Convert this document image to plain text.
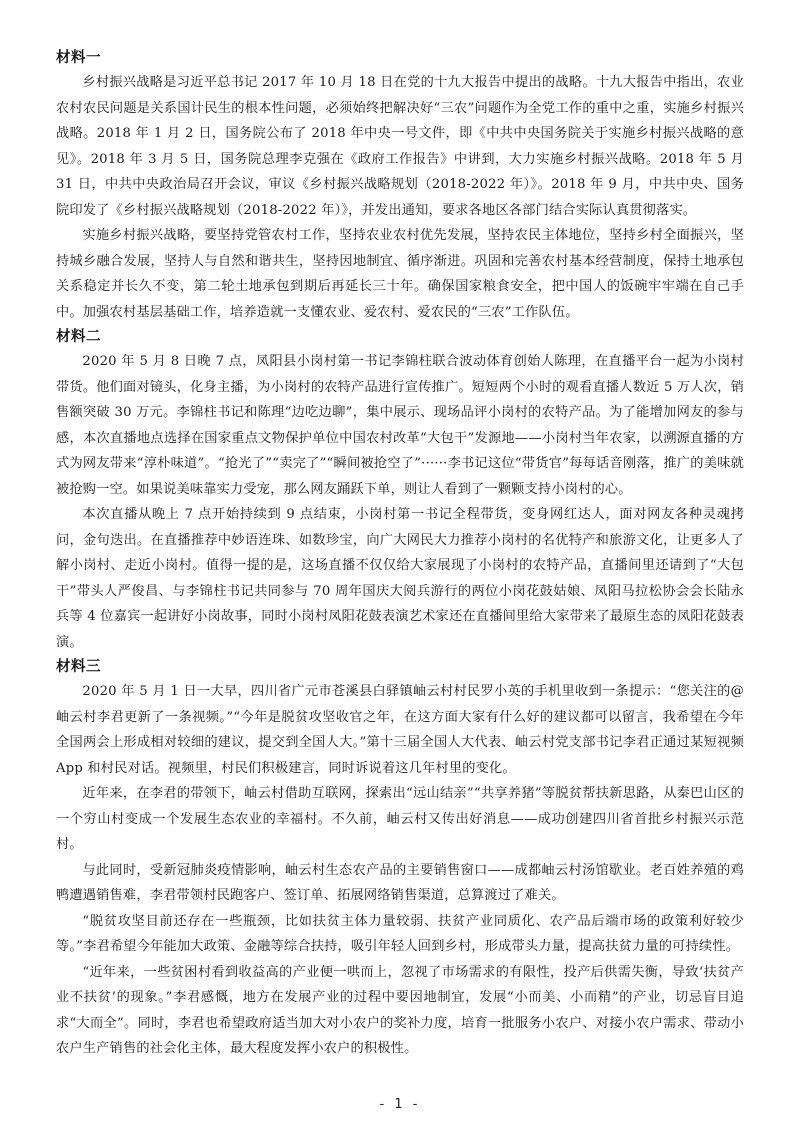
材料一

乡村振兴战略是习近平总书记 2017 年 10 月 18 日在党的十九大报告中提出的战略。十九大报告中指出，农业农村农民问题是关系国计民生的根本性问题，必须始终把解决好“三农”问题作为全党工作的重中之重，实施乡村振兴战略。2018 年 1 月 2 日，国务院公布了 2018 年中央一号文件，即《中共中央国务院关于实施乡村振兴战略的意见》。2018 年 3 月 5 日，国务院总理李克强在《政府工作报告》中讲到，大力实施乡村振兴战略。2018 年 5 月 31 日，中共中央政治局召开会议，审议《乡村振兴战略规划（2018-2022 年）》。2018 年 9 月，中共中央、国务院印发了《乡村振兴战略规划（2018-2022 年）》，并发出通知，要求各地区各部门结合实际认真贯彻落实。

实施乡村振兴战略，要坚持党管农村工作，坚持农业农村优先发展，坚持农民主体地位，坚持乡村全面振兴，坚持城乡融合发展，坚持人与自然和谐共生，坚持因地制宜、循序渐进。巩固和完善农村基本经营制度，保持土地承包关系稳定并长久不变，第二轮土地承包到期后再延长三十年。确保国家粮食安全，把中国人的饭碗牢牢端在自己手中。加强农村基层基础工作，培养造就一支懂农业、爱农村、爱农民的“三农”工作队伍。

材料二

2020 年 5 月 8 日晚 7 点，凤阳县小岗村第一书记李锦柱联合波动体育创始人陈理，在直播平台一起为小岗村带货。他们面对镜头，化身主播，为小岗村的农特产品进行宣传推广。短短两个小时的观看直播人数近 5 万人次，销售额突破 30 万元。李锦柱书记和陈理“边吃边聊”，集中展示、现场品评小岗村的农特产品。为了能增加网友的参与感，本次直播地点选择在国家重点文物保护单位中国农村改革“大包干”发源地——小岗村当年农家，以溯源直播的方式为网友带来“淳朴味道”。“抢光了”“卖完了”“瞬间被抢空了”······李书记这位“带货官”每每话音刚落，推广的美味就被抢购一空。如果说美味靠实力受宠，那么网友踊跃下单，则让人看到了一颗颗支持小岗村的心。

本次直播从晚上 7 点开始持续到 9 点结束，小岗村第一书记全程带货，变身网红达人，面对网友各种灵魂拷问，金句迭出。在直播推荐中妙语连珠、如数珍宝，向广大网民大力推荐小岗村的名优特产和旅游文化，让更多人了解小岗村、走近小岗村。值得一提的是，这场直播不仅仅给大家展现了小岗村的农特产品，直播间里还请到了“大包干”带头人严俊昌、与李锦柱书记共同参与 70 周年国庆大阅兵游行的两位小岗花鼓姑娘、凤阳马拉松协会会长陆永兵等 4 位嘉宾一起讲好小岗故事，同时小岗村凤阳花鼓表演艺术家还在直播间里给大家带来了最原生态的凤阳花鼓表演。

材料三

2020 年 5 月 1 日一大早，四川省广元市苍溪县白驿镇岫云村村民罗小英的手机里收到一条提示：“您关注的@岫云村李君更新了一条视频。”“今年是脱贫攻坚收官之年，在这方面大家有什么好的建议都可以留言，我希望在今年全国两会上形成相对较细的建议，提交到全国人大。”第十三届全国人大代表、岫云村党支部书记李君正通过某短视频 App 和村民对话。视频里，村民们积极建言，同时诉说着这几年村里的变化。

近年来，在李君的带领下，岫云村借助互联网，探索出“远山结亲”“共享养猪”等脱贫帮扶新思路，从秦巴山区的一个穷山村变成一个发展生态农业的幸福村。不久前，岫云村又传出好消息——成功创建四川省首批乡村振兴示范村。

与此同时，受新冠肺炎疫情影响，岫云村生态农产品的主要销售窗口——成都岫云村汤馆歇业。老百姓养殖的鸡鸭遭遇销售难，李君带领村民跑客户、签订单、拓展网络销售渠道，总算渡过了难关。

“脱贫攻坚目前还存在一些瓶颈，比如扶贫主体力量较弱、扶贫产业同质化、农产品后端市场的政策利好较少等。”李君希望今年能加大政策、金融等综合扶持，吸引年轻人回到乡村，形成带头力量，提高扶贫力量的可持续性。

“近年来，一些贫困村看到收益高的产业便一哄而上，忽视了市场需求的有限性，投产后供需失衡，导致‘扶贫产业不扶贫’的现象。”李君感慨，地方在发展产业的过程中要因地制宜，发展“小而美、小而精”的产业，切忌盲目追求“大而全”。同时，李君也希望政府适当加大对小农户的奖补力度，培育一批服务小农户、对接小农户需求、带动小农户生产销售的社会化主体，最大程度发挥小农户的积极性。

- 1 -
